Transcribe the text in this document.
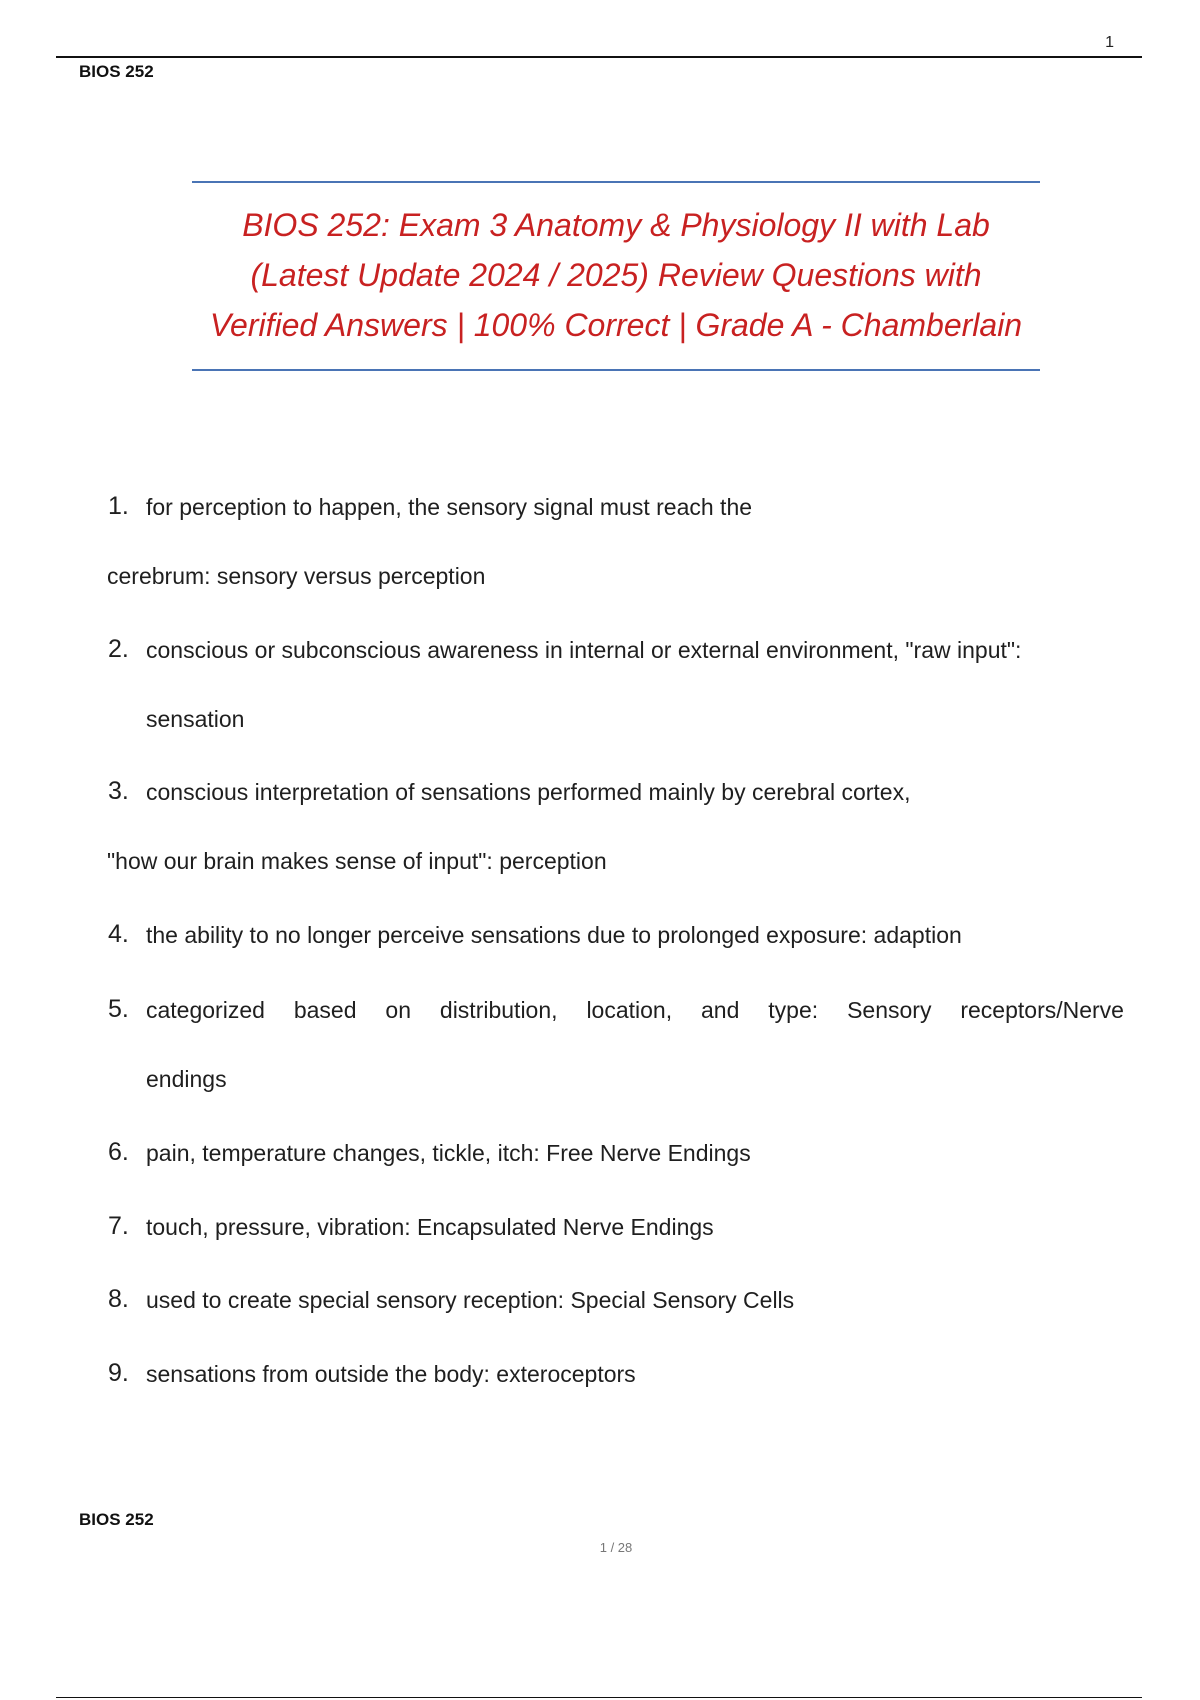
1
BIOS 252
BIOS 252: Exam 3 Anatomy & Physiology II with Lab
(Latest Update 2024 / 2025) Review Questions with
Verified Answers | 100% Correct | Grade A - Chamberlain
1. for perception to happen, the sensory signal must reach the
cerebrum: sensory versus perception
2. conscious or subconscious awareness in internal or external environment, "raw input":
sensation
3. conscious interpretation of sensations performed mainly by cerebral cortex,
"how our brain makes sense of input": perception
4. the ability to no longer perceive sensations due to prolonged exposure: adaption
5. categorized based on distribution, location, and type: Sensory receptors/Nerve
endings
6. pain, temperature changes, tickle, itch: Free Nerve Endings
7. touch, pressure, vibration: Encapsulated Nerve Endings
8. used to create special sensory reception: Special Sensory Cells
9. sensations from outside the body: exteroceptors
BIOS 252
1 / 28
